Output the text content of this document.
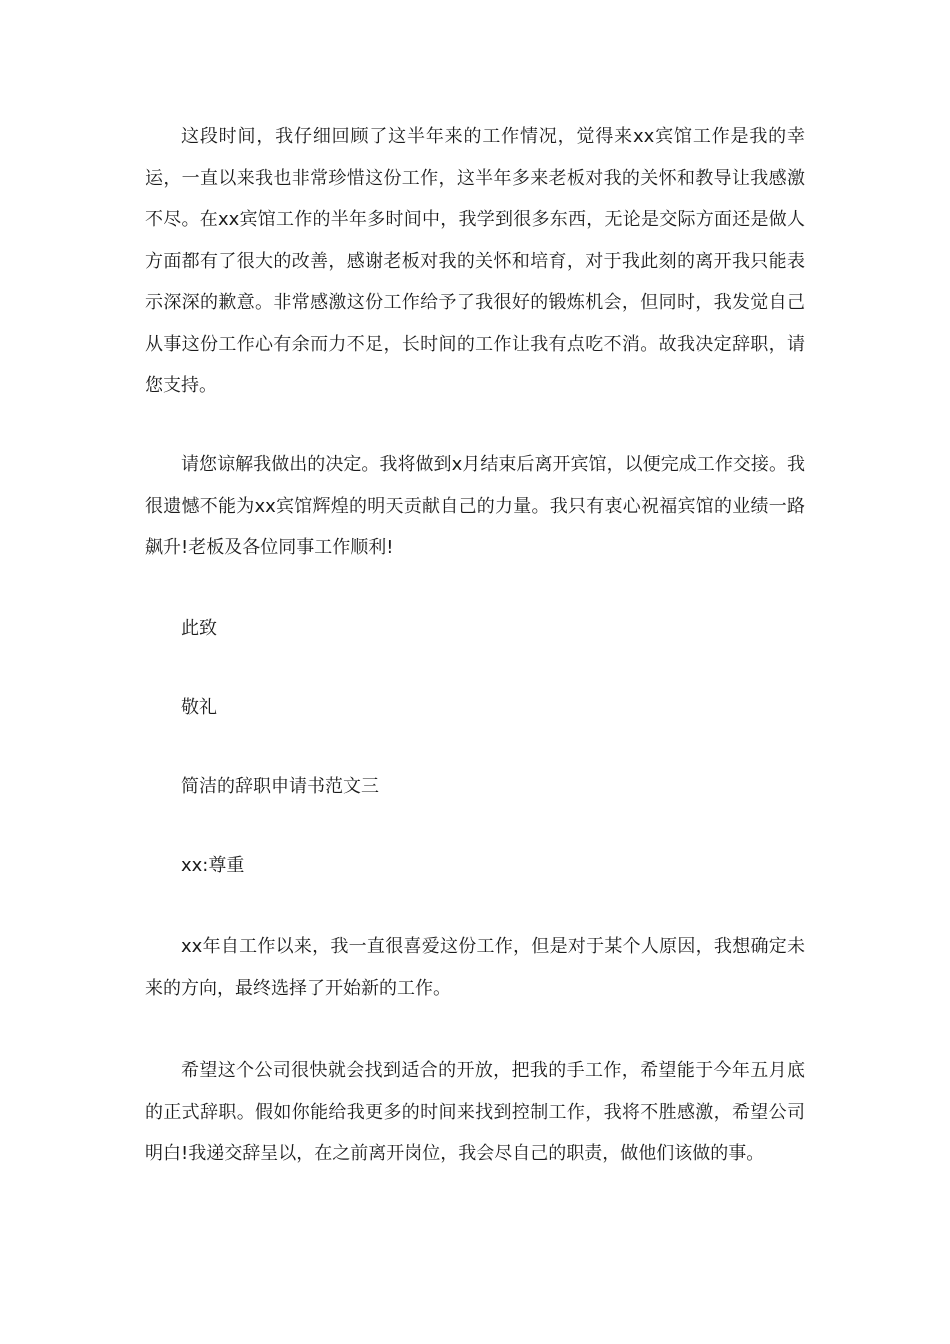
这段时间，我仔细回顾了这半年来的工作情况，觉得来xx宾馆工作是我的幸运，一直以来我也非常珍惜这份工作，这半年多来老板对我的关怀和教导让我感激不尽。在xx宾馆工作的半年多时间中，我学到很多东西，无论是交际方面还是做人方面都有了很大的改善，感谢老板对我的关怀和培育，对于我此刻的离开我只能表示深深的歉意。非常感激这份工作给予了我很好的锻炼机会，但同时，我发觉自己从事这份工作心有余而力不足，长时间的工作让我有点吃不消。故我决定辞职，请您支持。

请您谅解我做出的决定。我将做到x月结束后离开宾馆，以便完成工作交接。我很遗憾不能为xx宾馆辉煌的明天贡献自己的力量。我只有衷心祝福宾馆的业绩一路飙升!老板及各位同事工作顺利!

此致

敬礼

简洁的辞职申请书范文三

xx:尊重

xx年自工作以来，我一直很喜爱这份工作，但是对于某个人原因，我想确定未来的方向，最终选择了开始新的工作。

希望这个公司很快就会找到适合的开放，把我的手工作，希望能于今年五月底的正式辞职。假如你能给我更多的时间来找到控制工作，我将不胜感激，希望公司明白!我递交辞呈以，在之前离开岗位，我会尽自己的职责，做他们该做的事。
